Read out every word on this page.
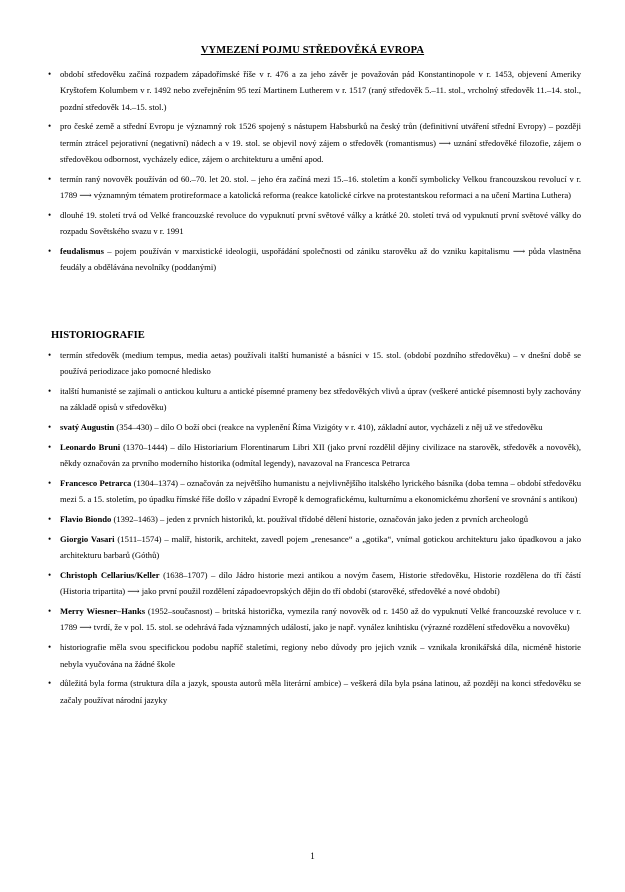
VYMEZENÍ POJMU STŘEDOVĚKÁ EVROPA
• období středověku začíná rozpadem západořímské říše v r. 476 a za jeho závěr je považován pád Konstantinopole v r. 1453, objevení Ameriky Kryštofem Kolumbem v r. 1492 nebo zveřejněním 95 tezí Martinem Lutherem v r. 1517 (raný středověk 5.–11. stol., vrcholný středověk 11.–14. stol., pozdní středověk 14.–15. stol.)
• pro české země a střední Evropu je významný rok 1526 spojený s nástupem Habsburků na český trůn (definitivní utváření střední Evropy) – později termín ztrácel pejorativní (negativní) nádech a v 19. stol. se objevil nový zájem o středověk (romantismus) ⟶ uznání středověké filozofie, zájem o středověkou odbornost, vycházely edice, zájem o architekturu a umění apod.
• termín raný novověk používán od 60.–70. let 20. stol. – jeho éra začíná mezi 15.–16. stoletím a končí symbolicky Velkou francouzskou revolucí v r. 1789 ⟶ významným tématem protireformace a katolická reforma (reakce katolické církve na protestantskou reformaci a na učení Martina Luthera)
• dlouhé 19. století trvá od Velké francouzské revoluce do vypuknutí první světové války a krátké 20. století trvá od vypuknutí první světové války do rozpadu Sovětského svazu v r. 1991
• feudalismus – pojem používán v marxistické ideologii, uspořádání společnosti od zániku starověku až do vzniku kapitalismu ⟶ půda vlastněna feudály a obdělávána nevolníky (poddanými)
HISTORIOGRAFIE
• termín středověk (medium tempus, media aetas) používali italští humanisté a básníci v 15. stol. (období pozdního středověku) – v dnešní době se používá periodizace jako pomocné hledisko
• italští humanisté se zajímali o antickou kulturu a antické písemné prameny bez středověkých vlivů a úprav (veškeré antické písemnosti byly zachovány na základě opisů v středověku)
• svatý Augustin (354–430) – dílo O boží obci (reakce na vyplenění Říma Vizigóty v r. 410), základní autor, vycházeli z něj už ve středověku
• Leonardo Bruni (1370–1444) – dílo Historiarium Florentinarum Libri XII (jako první rozdělil dějiny civilizace na starověk, středověk a novověk), někdy označován za prvního moderního historika (odmítal legendy), navazoval na Francesca Petrarca
• Francesco Petrarca (1304–1374) – označován za největšího humanistu a nejvlivnějšího italského lyrického básníka (doba temna – období středověku mezi 5. a 15. stoletím, po úpadku římské říše došlo v západní Evropě k demografickému, kulturnímu a ekonomickému zhoršení ve srovnání s antikou)
• Flavio Biondo (1392–1463) – jeden z prvních historiků, kt. používal třídobé dělení historie, označován jako jeden z prvních archeologů
• Giorgio Vasari (1511–1574) – malíř, historik, architekt, zavedl pojem „renesance“ a „gotika“, vnímal gotickou architekturu jako úpadkovou a jako architekturu barbarů (Góthů)
• Christoph Cellarius/Keller (1638–1707) – dílo Jádro historie mezi antikou a novým časem, Historie středověku, Historie rozdělena do tří částí (Historia tripartita) ⟶ jako první použil rozdělení západoevropských dějin do tří období (starověké, středověké a nové období)
• Merry Wiesner–Hanks (1952–současnost) – britská historička, vymezila raný novověk od r. 1450 až do vypuknutí Velké francouzské revoluce v r. 1789 ⟶ tvrdí, že v pol. 15. stol. se odehrává řada významných událostí, jako je např. vynález knihtisku (výrazné rozdělení středověku a novověku)
• historiografie měla svou specifickou podobu napříč staletími, regiony nebo důvody pro jejich vznik – vznikala kronikářská díla, nicméně historie nebyla vyučována na žádné škole
• důležitá byla forma (struktura díla a jazyk, spousta autorů měla literární ambice) – veškerá díla byla psána latinou, až později na konci středověku se začaly používat národní jazyky
1
